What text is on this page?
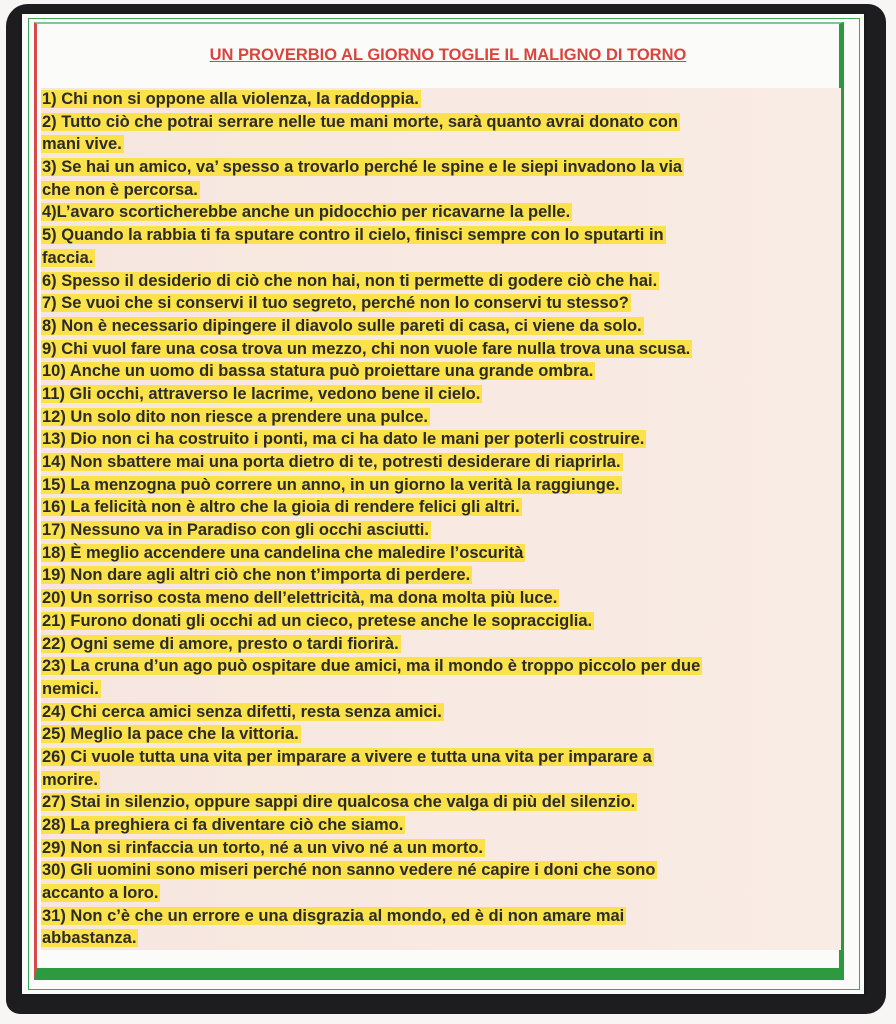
UN PROVERBIO AL GIORNO TOGLIE IL MALIGNO DI TORNO
1) Chi non si oppone alla violenza, la raddoppia.
2) Tutto ciò che potrai serrare nelle tue mani morte, sarà quanto avrai donato con
mani vive.
3) Se hai un amico, va’ spesso a trovarlo perché le spine e le siepi invadono la via
che non è percorsa.
4)L’avaro scorticherebbe anche un pidocchio per ricavarne la pelle.
5) Quando la rabbia ti fa sputare contro il cielo, finisci sempre con lo sputarti in
faccia.
6) Spesso il desiderio di ciò che non hai, non ti permette di godere ciò che hai.
7) Se vuoi che si conservi il tuo segreto, perché non lo conservi tu stesso?
8) Non è necessario dipingere il diavolo sulle pareti di casa, ci viene da solo.
9) Chi vuol fare una cosa trova un mezzo, chi non vuole fare nulla trova una scusa.
10) Anche un uomo di bassa statura può proiettare una grande ombra.
11) Gli occhi, attraverso le lacrime, vedono bene il cielo.
12) Un solo dito non riesce a prendere una pulce.
13) Dio non ci ha costruito i ponti, ma ci ha dato le mani per poterli costruire.
14) Non sbattere mai una porta dietro di te, potresti desiderare di riaprirla.
15) La menzogna può correre un anno, in un giorno la verità la raggiunge.
16) La felicità non è altro che la gioia di rendere felici gli altri.
17) Nessuno va in Paradiso con gli occhi asciutti.
18) È meglio accendere una candelina che maledire l’oscurità
19) Non dare agli altri ciò che non t’importa di perdere.
20) Un sorriso costa meno dell’elettricità, ma dona molta più luce.
21) Furono donati gli occhi ad un cieco, pretese anche le sopracciglia.
22) Ogni seme di amore, presto o tardi fiorirà.
23) La cruna d’un ago può ospitare due amici, ma il mondo è troppo piccolo per due
nemici.
24) Chi cerca amici senza difetti, resta senza amici.
25) Meglio la pace che la vittoria.
26) Ci vuole tutta una vita per imparare a vivere e tutta una vita per imparare a
morire.
27) Stai in silenzio, oppure sappi dire qualcosa che valga di più del silenzio.
28) La preghiera ci fa diventare ciò che siamo.
29) Non si rinfaccia un torto, né a un vivo né a un morto.
30) Gli uomini sono miseri perché non sanno vedere né capire i doni che sono
accanto a loro.
31) Non c’è che un errore e una disgrazia al mondo, ed è di non amare mai
abbastanza.
